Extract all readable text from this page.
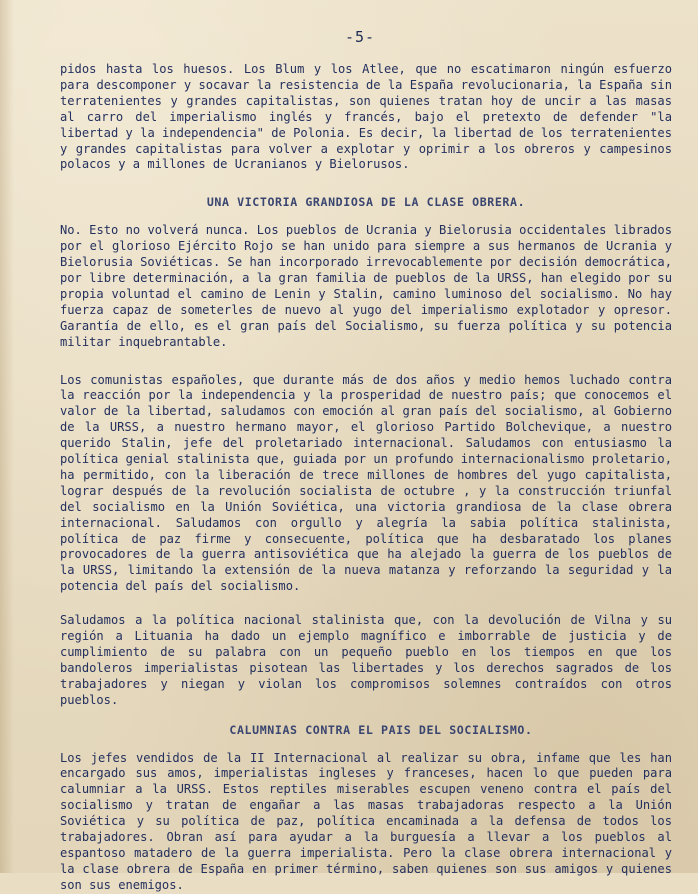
-5-

pidos hasta los huesos. Los Blum y los Atlee, que no escatimaron ningún esfuerzo para descomponer y socavar la resistencia de la España revolucionaria, la España sin terratenientes y grandes capitalistas, son quienes tratan hoy de uncir a las masas al carro del imperialismo inglés y francés, bajo el pretexto de defender "la libertad y la independencia" de Polonia. Es decir, la libertad de los terratenientes y grandes capitalistas para volver a explotar y oprimir a los obreros y campesinos polacos y a millones de Ucranianos y Bielorusos.

UNA VICTORIA GRANDIOSA DE LA CLASE OBRERA.

No. Esto no volverá nunca. Los pueblos de Ucrania y Bielorusia occidentales librados por el glorioso Ejército Rojo se han unido para siempre a sus hermanos de Ucrania y Bielorusia Soviéticas. Se han incorporado irrevocablemente por decisión democrática, por libre determinación, a la gran familia de pueblos de la URSS, han elegido por su propia voluntad el camino de Lenin y Stalin, camino luminoso del socialismo. No hay fuerza capaz de someterles de nuevo al yugo del imperialismo explotador y opresor. Garantía de ello, es el gran país del Socialismo, su fuerza política y su potencia militar inquebrantable.

Los comunistas españoles, que durante más de dos años y medio hemos luchado contra la reacción por la independencia y la prosperidad de nuestro país; que conocemos el valor de la libertad, saludamos con emoción al gran país del socialismo, al Gobierno de la URSS, a nuestro hermano mayor, el glorioso Partido Bolchevique, a nuestro querido Stalin, jefe del proletariado internacional. Saludamos con entusiasmo la política genial stalinista que, guiada por un profundo internacionalismo proletario, ha permitido, con la liberación de trece millones de hombres del yugo capitalista, lograr después de la revolución socialista de octubre , y la construcción triunfal del socialismo en la Unión Soviética, una victoria grandiosa de la clase obrera internacional. Saludamos con orgullo y alegría la sabia política stalinista, política de paz firme y consecuente, política que ha desbaratado los planes provocadores de la guerra antisoviética que ha alejado la guerra de los pueblos de la URSS, limitando la extensión de la nueva matanza y reforzando la seguridad y la potencia del país del socialismo.

Saludamos a la política nacional stalinista que, con la devolución de Vilna y su región a Lituania ha dado un ejemplo magnífico e imborrable de justicia y de cumplimiento de su palabra con un pequeño pueblo en los tiempos en que los bandoleros imperialistas pisotean las libertades y los derechos sagrados de los trabajadores y niegan y violan los compromisos solemnes contraídos con otros pueblos.

CALUMNIAS CONTRA EL PAIS DEL SOCIALISMO.

Los jefes vendidos de la II Internacional al realizar su obra, infame que les han encargado sus amos, imperialistas ingleses y franceses, hacen lo que pueden para calumniar a la URSS. Estos reptiles miserables escupen veneno contra el país del socialismo y tratan de engañar a las masas trabajadoras respecto a la Unión Soviética y su política de paz, política encaminada a la defensa de todos los trabajadores. Obran así para ayudar a la burguesía a llevar a los pueblos al espantoso matadero de la guerra imperialista. Pero la clase obrera internacional y la clase obrera de España en primer término, saben quienes son sus amigos y quienes son sus enemigos.
